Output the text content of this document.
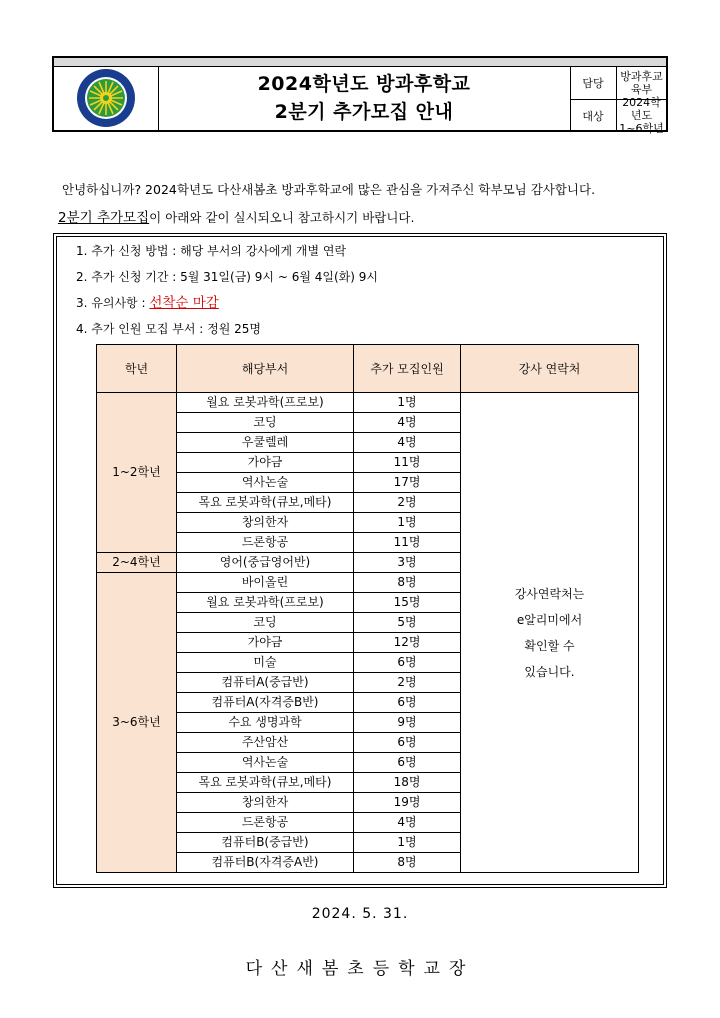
2024학년도 방과후학교
2분기 추가모집 안내
담당
방과후교육부
대상
2024학년도
1~6학년
안녕하십니까? 2024학년도 다산새봄초 방과후학교에 많은 관심을 가져주신 학부모님 감사합니다.
2분기 추가모집이 아래와 같이 실시되오니 참고하시기 바랍니다.
1. 추가 신청 방법 : 해당 부서의 강사에게 개별 연락
2. 추가 신청 기간 : 5월 31일(금) 9시 ~ 6월 4일(화) 9시
3. 유의사항 : 선착순 마감
4. 추가 인원 모집 부서 : 정원 25명
학년	해당부서	추가 모집인원	강사 연락처
1~2학년	월요 로봇과학(프로보)	1명	강사연락처는
e알리미에서
확인할 수
있습니다.

	코딩	4명	
	우쿨렐레	4명	
	가야금	11명	
	역사논술	17명	
	목요 로봇과학(큐보,메타)	2명	
	창의한자	1명	
	드론항공	11명	
2~4학년	영어(중급영어반)	3명	
3~6학년	바이올린	8명	
	월요 로봇과학(프로보)	15명	
	코딩	5명	
	가야금	12명	
	미술	6명	
	컴퓨터A(중급반)	2명	
	컴퓨터A(자격증B반)	6명	
	수요 생명과학	9명	
	주산암산	6명	
	역사논술	6명	
	목요 로봇과학(큐보,메타)	18명	
	창의한자	19명	
	드론항공	4명	
	컴퓨터B(중급반)	1명	
	컴퓨터B(자격증A반)	8명	
2024. 5. 31.
다산새봄초등학교장
